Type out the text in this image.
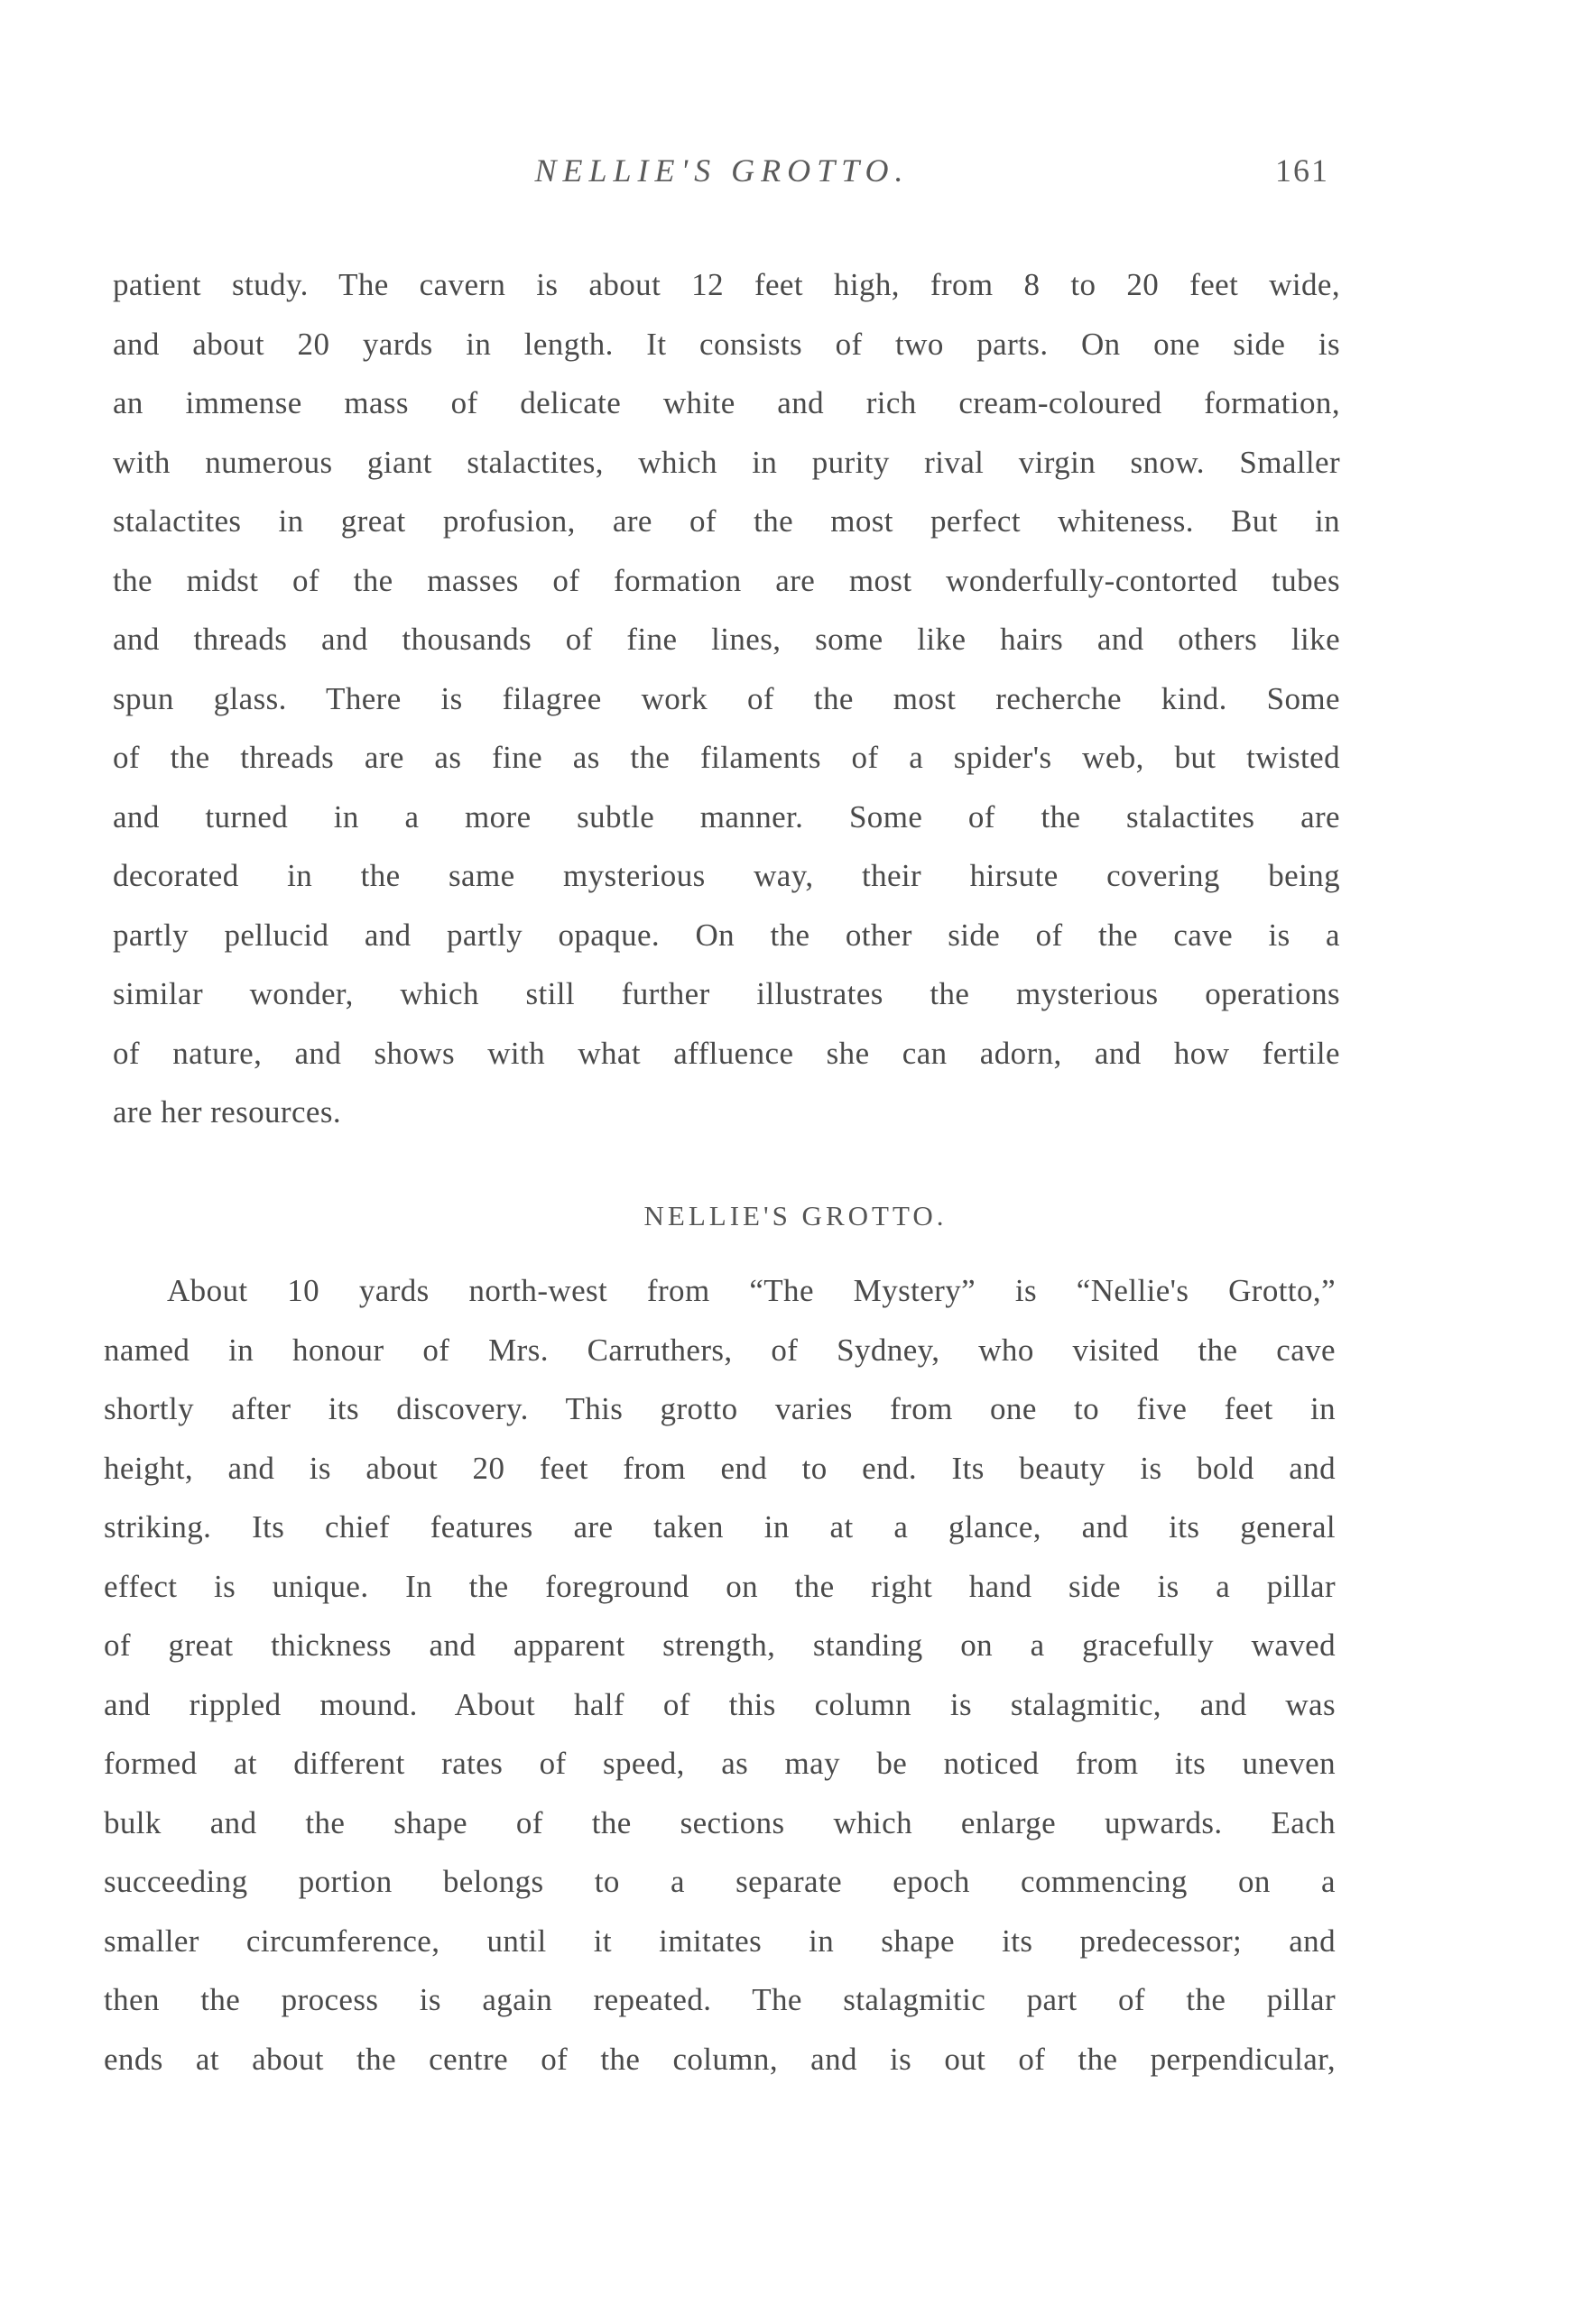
NELLIE'S GROTTO.	161
patient study. The cavern is about 12 feet high, from 8 to 20 feet wide,
and about 20 yards in length. It consists of two parts. On one side is
an immense mass of delicate white and rich cream-coloured formation,
with numerous giant stalactites, which in purity rival virgin snow. Smaller
stalactites in great profusion, are of the most perfect whiteness. But in
the midst of the masses of formation are most wonderfully-contorted tubes
and threads and thousands of fine lines, some like hairs and others like
spun glass. There is filagree work of the most recherche kind. Some
of the threads are as fine as the filaments of a spider's web, but twisted
and turned in a more subtle manner. Some of the stalactites are
decorated in the same mysterious way, their hirsute covering being
partly pellucid and partly opaque. On the other side of the cave is a
similar wonder, which still further illustrates the mysterious operations
of nature, and shows with what affluence she can adorn, and how fertile
are her resources.
NELLIE'S GROTTO.
About 10 yards north-west from “The Mystery” is “Nellie's Grotto,”
named in honour of Mrs. Carruthers, of Sydney, who visited the cave
shortly after its discovery. This grotto varies from one to five feet in
height, and is about 20 feet from end to end. Its beauty is bold and
striking. Its chief features are taken in at a glance, and its general
effect is unique. In the foreground on the right hand side is a pillar
of great thickness and apparent strength, standing on a gracefully waved
and rippled mound. About half of this column is stalagmitic, and was
formed at different rates of speed, as may be noticed from its uneven
bulk and the shape of the sections which enlarge upwards. Each
succeeding portion belongs to a separate epoch commencing on a
smaller circumference, until it imitates in shape its predecessor; and
then the process is again repeated. The stalagmitic part of the pillar
ends at about the centre of the column, and is out of the perpendicular,
